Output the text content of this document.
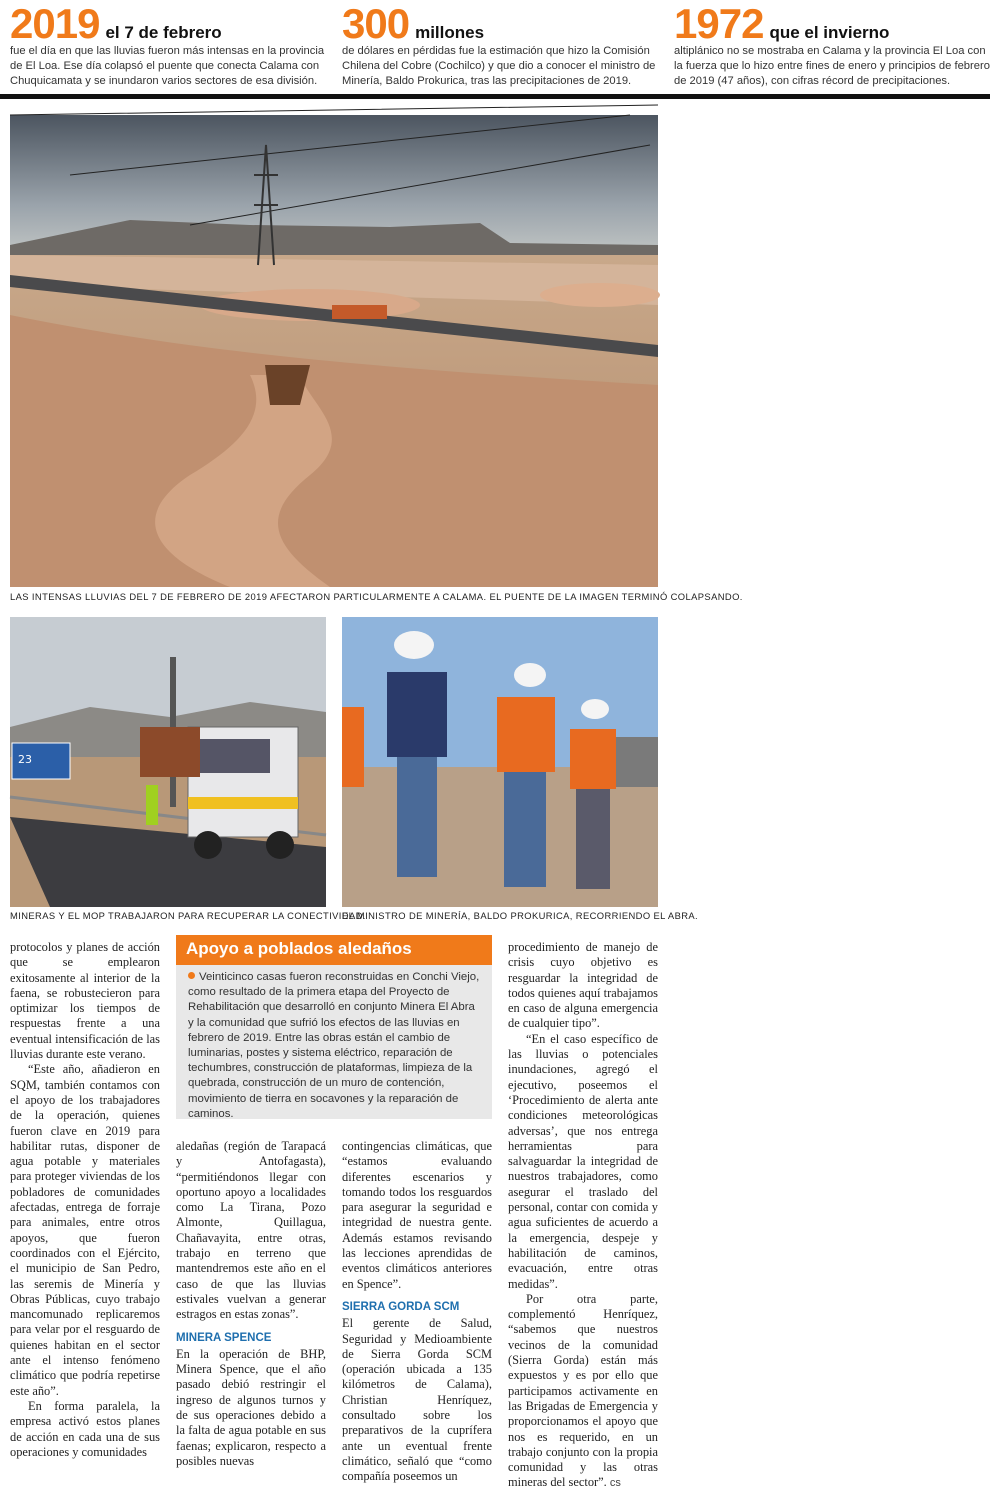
2019 el 7 de febrero
fue el día en que las lluvias fueron más intensas en la provincia de El Loa. Ese día colapsó el puente que conecta Calama con Chuquicamata y se inundaron varios sectores de esa división.
300 millones
de dólares en pérdidas fue la estimación que hizo la Comisión Chilena del Cobre (Cochilco) y que dio a conocer el ministro de Minería, Baldo Prokurica, tras las precipitaciones de 2019.
1972 que el invierno
altiplánico no se mostraba en Calama y la provincia El Loa con la fuerza que lo hizo entre fines de enero y principios de febrero de 2019 (47 años), con cifras récord de precipitaciones.
LAS INTENSAS LLUVIAS DEL 7 DE FEBRERO DE 2019 AFECTARON PARTICULARMENTE A CALAMA. EL PUENTE DE LA IMAGEN TERMINÓ COLAPSANDO.
23
MINERAS Y EL MOP TRABAJARON PARA RECUPERAR LA CONECTIVIDAD.
EL MINISTRO DE MINERÍA, BALDO PROKURICA, RECORRIENDO EL ABRA.

protocolos y planes de acción que se emplearon exitosamente al interior de la faena, se robustecieron para optimizar los tiempos de respuestas frente a una eventual intensificación de las lluvias durante este verano.

“Este año, añadieron en SQM, también contamos con el apoyo de los trabajadores de la operación, quienes fueron clave en 2019 para habilitar rutas, disponer de agua potable y materiales para proteger viviendas de los pobladores de comunidades afectadas, entrega de forraje para animales, entre otros apoyos, que fueron coordinados con el Ejército, el municipio de San Pedro, las seremis de Minería y Obras Públicas, cuyo trabajo mancomunado replicaremos para velar por el resguardo de quienes habitan en el sector ante el intenso fenómeno climático que podría repetirse este año”.

En forma paralela, la empresa activó estos planes de acción en cada una de sus operaciones y comunidades

Apoyo a poblados aledaños
Veinticinco casas fueron reconstruidas en Conchi Viejo, como resultado de la primera etapa del Proyecto de Rehabilitación que desarrolló en conjunto Minera El Abra y la comunidad que sufrió los efectos de las lluvias en febrero de 2019. Entre las obras están el cambio de luminarias, postes y sistema eléctrico, reparación de techumbres, construcción de plataformas, limpieza de la quebrada, construcción de un muro de contención, movimiento de tierra en socavones y la reparación de caminos.

aledañas (región de Tarapacá y Antofagasta), “permitiéndonos llegar con oportuno apoyo a localidades como La Tirana, Pozo Almonte, Quillagua, Chañavayita, entre otras, trabajo en terreno que mantendremos este año en el caso de que las lluvias estivales vuelvan a generar estragos en estas zonas”.

MINERA SPENCE

En la operación de BHP, Minera Spence, que el año pasado debió restringir el ingreso de algunos turnos y de sus operaciones debido a la falta de agua potable en sus faenas; explicaron, respecto a posibles nuevas

contingencias climáticas, que “estamos evaluando diferentes escenarios y tomando todos los resguardos para asegurar la seguridad e integridad de nuestra gente. Además estamos revisando las lecciones aprendidas de eventos climáticos anteriores en Spence”.

SIERRA GORDA SCM

El gerente de Salud, Seguridad y Medioambiente de Sierra Gorda SCM (operación ubicada a 135 kilómetros de Calama), Christian Henríquez, consultado sobre los preparativos de la cuprífera ante un eventual frente climático, señaló que “como compañía poseemos un

procedimiento de manejo de crisis cuyo objetivo es resguardar la integridad de todos quienes aquí trabajamos en caso de alguna emergencia de cualquier tipo”.

“En el caso específico de las lluvias o potenciales inundaciones, agregó el ejecutivo, poseemos el ‘Procedimiento de alerta ante condiciones meteorológicas adversas’, que nos entrega herramientas para salvaguardar la integridad de nuestros trabajadores, como asegurar el traslado del personal, contar con comida y agua suficientes de acuerdo a la emergencia, despeje y habilitación de caminos, evacuación, entre otras medidas”.

Por otra parte, complementó Henríquez, “sabemos que nuestros vecinos de la comunidad (Sierra Gorda) están más expuestos y es por ello que participamos activamente en las Brigadas de Emergencia y proporcionamos el apoyo que nos es requerido, en un trabajo conjunto con la propia comunidad y las otras mineras del sector”. cs
